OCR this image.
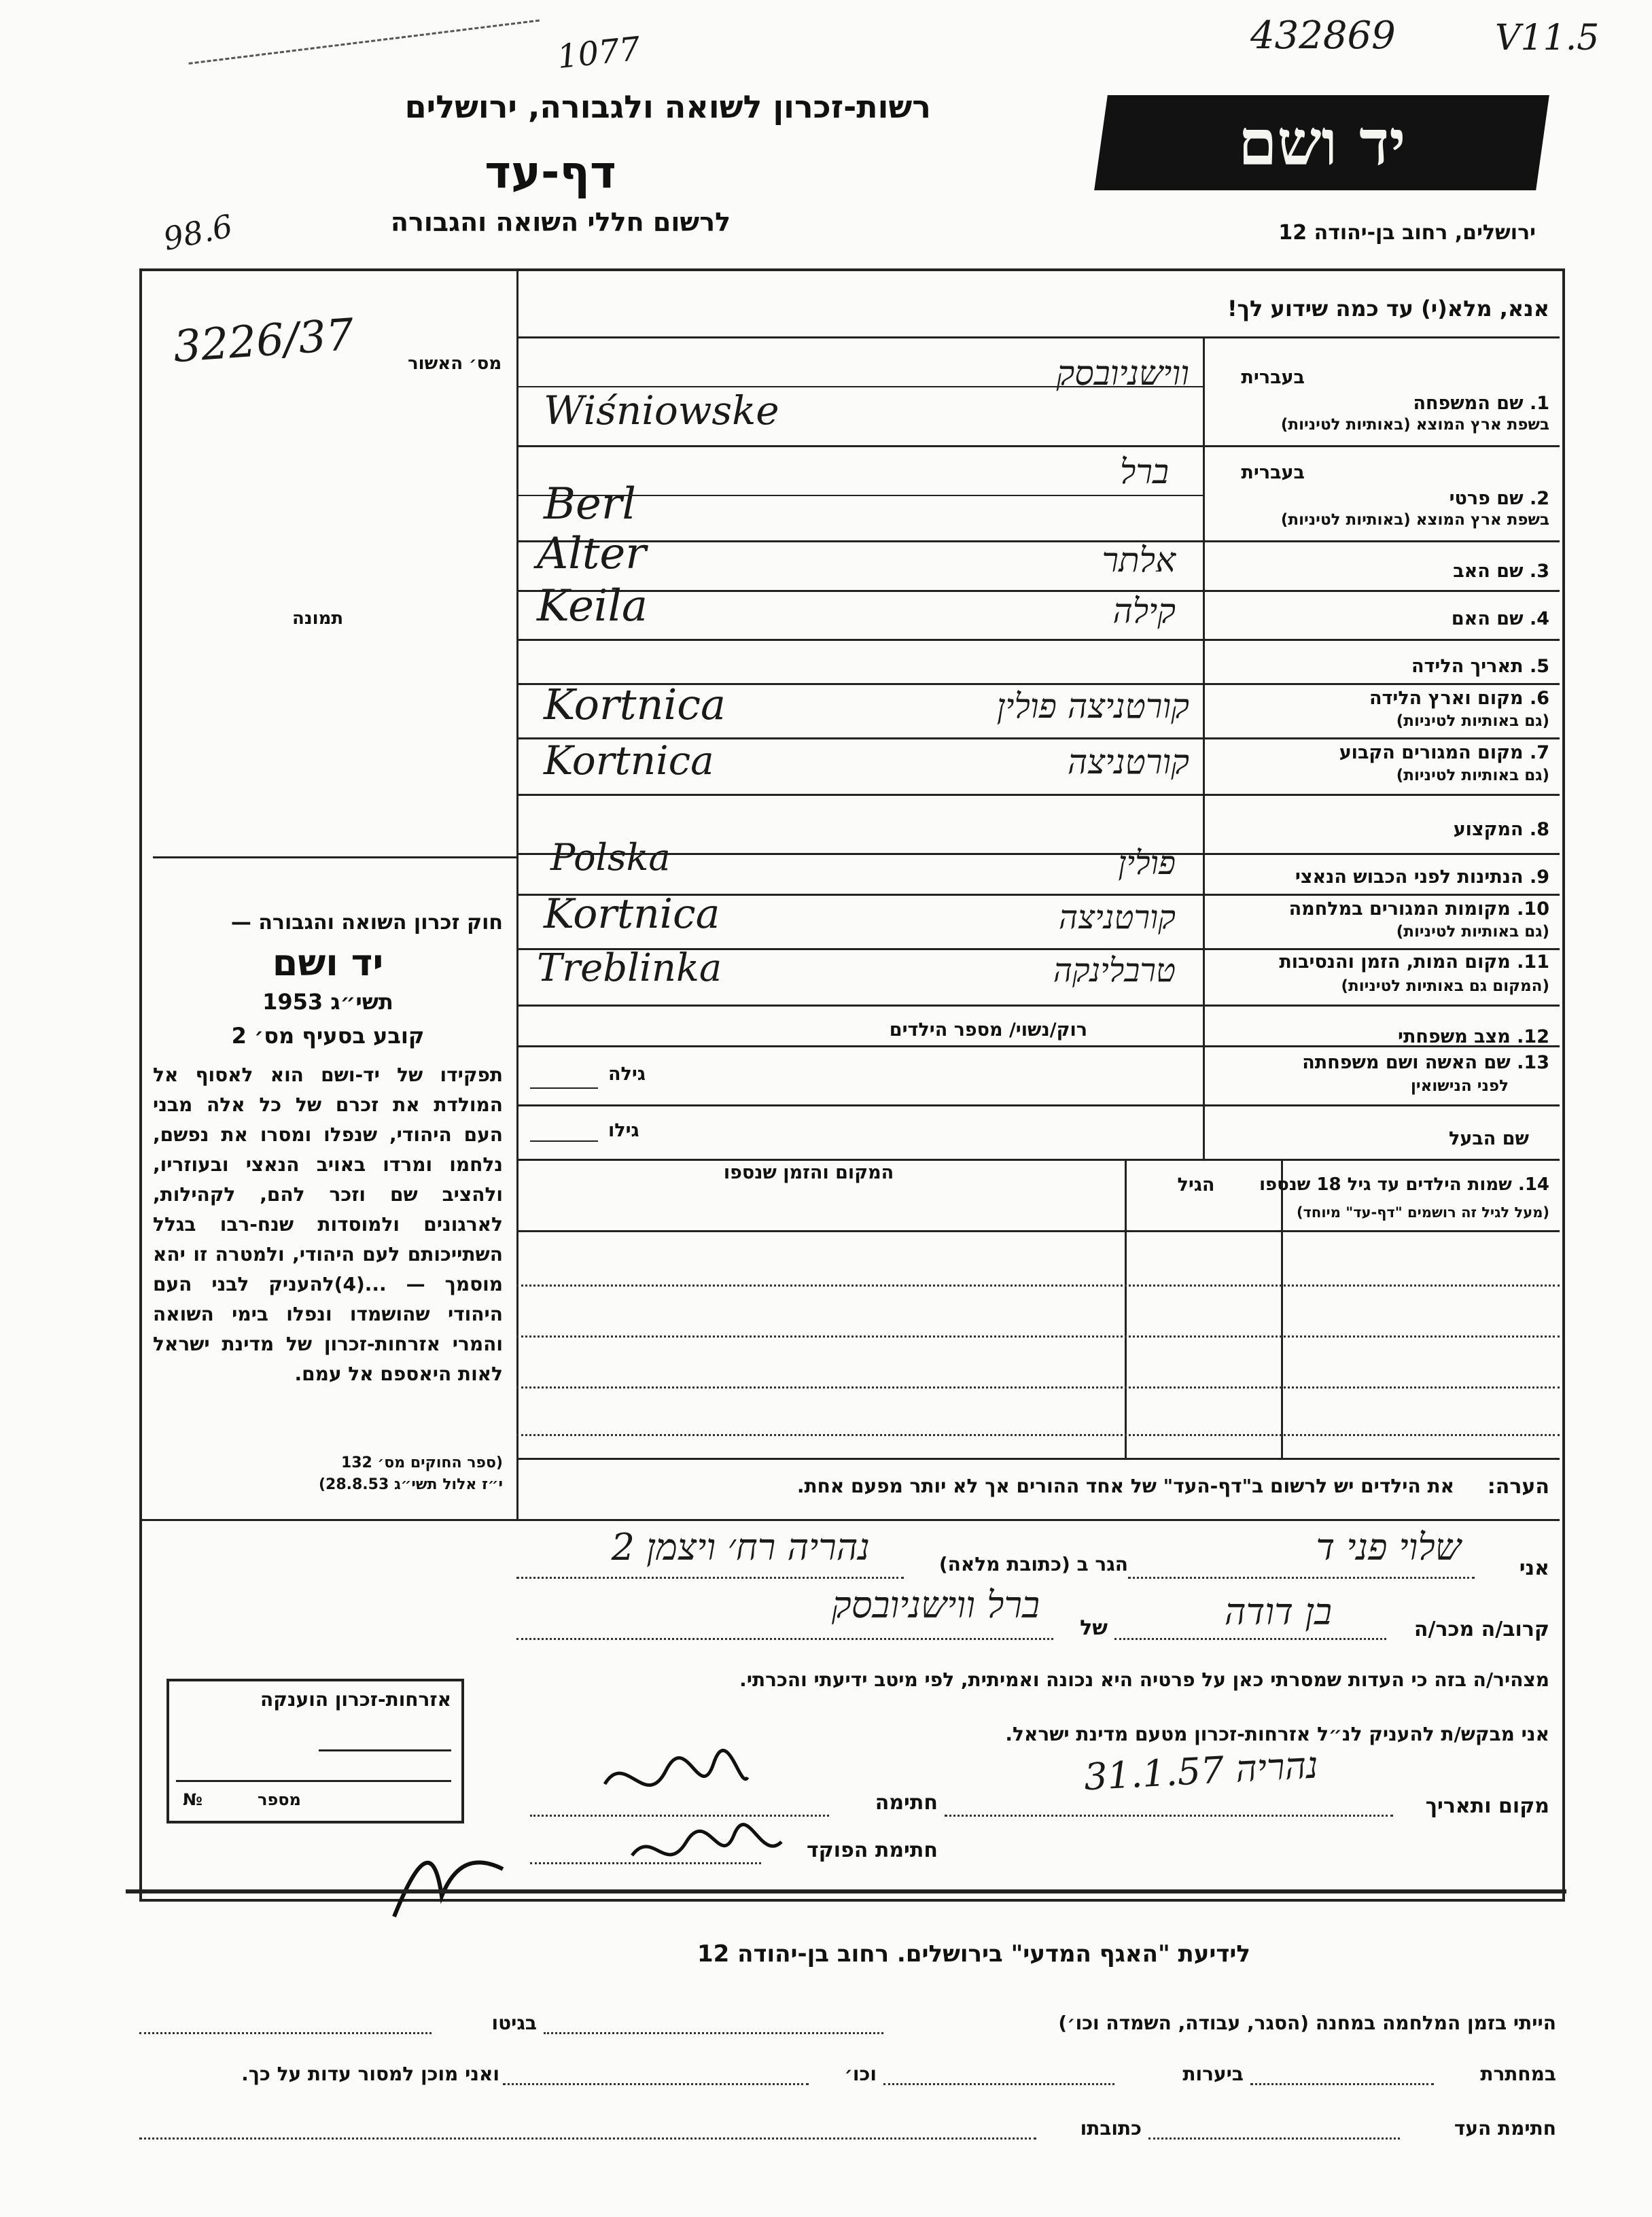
432869	V11.5
1077
רשות-זכרון לשואה ולגבורה, ירושלים
דף-עד
לרשום חללי השואה והגבורה
98.6
יד ושם
ירושלים, רחוב בן-יהודה 12
3226/37	מס׳ האשור
תמונה
חוק זכרון השואה והגבורה —
יד ושם
תשי״ג 1953
קובע בסעיף מס׳ 2
תפקידו של יד-ושם הוא לאסוף אל המולדת את זכרם של כל אלה מבני העם היהודי, שנפלו ומסרו את נפשם, נלחמו ומרדו באויב הנאצי ובעוזריו, ולהציב שם וזכר להם, לקהילות, לארגונים ולמוסדות שנח-רבו בגלל השתייכותם לעם היהודי, ולמטרה זו יהא מוסמך — ...(4)להעניק לבני העם היהודי שהושמדו ונפלו בימי השואה והמרי אזרחות-זכרון של מדינת ישראל לאות היאספם אל עמם.
(ספר החוקים מס׳ 132
י״ז אלול תשי״ג 28.8.53)
אזרחות-זכרון הוענקה
מספר
№
אנא, מלא(י) עד כמה שידוע לך!
בעברית
1. שם המשפחה
בשפת ארץ המוצא (באותיות לטיניות)
ווישניובסק
Wiśniowske
בעברית
2. שם פרטי
בשפת ארץ המוצא (באותיות לטיניות)
ברל
Berl
3. שם האב
Alter	אלתר
4. שם האם
Keila	קילה
5. תאריך הלידה
6. מקום וארץ הלידה
(גם באותיות לטיניות)
Kortnica	קורטניצה פולין
7. מקום המגורים הקבוע
(גם באותיות לטיניות)
Kortnica	קורטניצה
8. המקצוע
9. הנתינות לפני הכבוש הנאצי
Polska	פולין
10. מקומות המגורים במלחמה
(גם באותיות לטיניות)
Kortnica	קורטניצה
11. מקום המות, הזמן והנסיבות
(המקום גם באותיות לטיניות)
Treblinka	טרבלינקה
12. מצב משפחתי
רוק/נשוי/ מספר הילדים
13. שם האשה ושם משפחתה
לפני הנישואין
גילה
שם הבעל
גילו
14. שמות הילדים עד גיל 18 שנספו
(מעל לגיל זה רושמים "דף-עד" מיוחד)
הגיל
המקום והזמן שנספו
הערה:
את הילדים יש לרשום ב"דף-העד" של אחד ההורים אך לא יותר מפעם אחת.
אני
שלוי פני ד
הגר ב (כתובת מלאה)
נהריה רח׳ ויצמן 2
קרוב/ה מכר/ה
בן דודה
של
ברל ווישניובסק
מצהיר/ה בזה כי העדות שמסרתי כאן על פרטיה היא נכונה ואמיתית, לפי מיטב ידיעתי והכרתי.
אני מבקש/ת להעניק לנ״ל אזרחות-זכרון מטעם מדינת ישראל.
מקום ותאריך
נהריה 31.1.57
חתימה
חתימת הפוקד
לידיעת "האגף המדעי" בירושלים. רחוב בן-יהודה 12
הייתי בזמן המלחמה במחנה (הסגר, עבודה, השמדה וכו׳)
בגיטו
במחתרת
ביערות
וכו׳
ואני מוכן למסור עדות על כך.
חתימת העד
כתובתו
